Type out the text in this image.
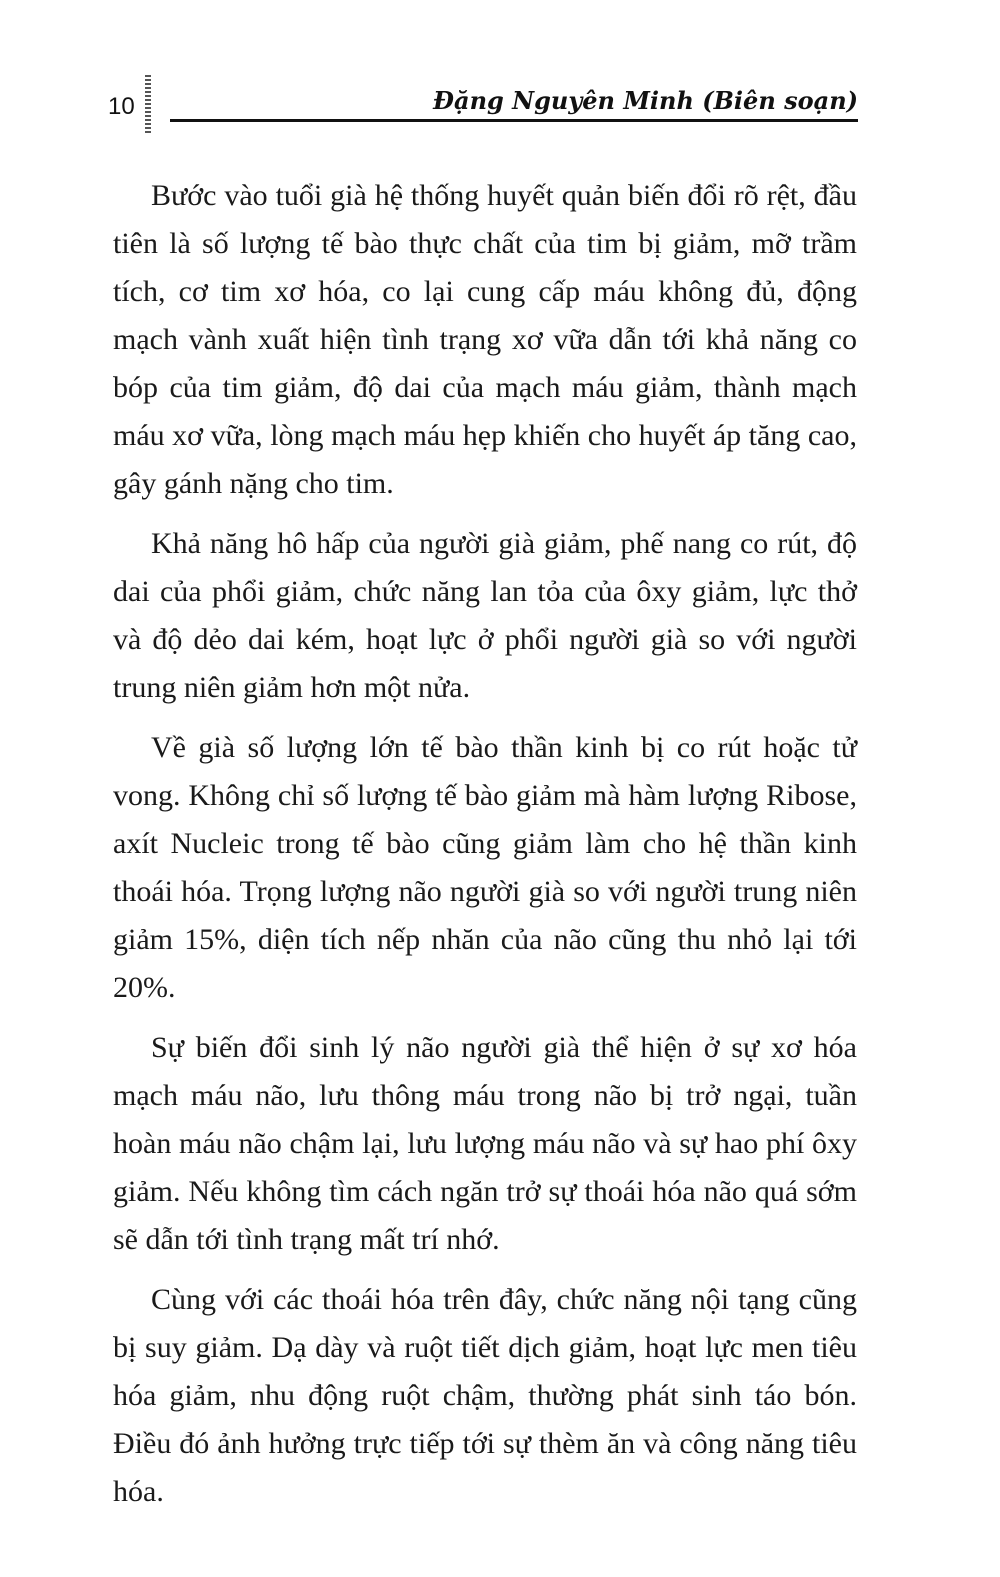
10	Đặng Nguyên Minh (Biên soạn)

Bước vào tuổi già hệ thống huyết quản biến đổi rõ rệt, đầu tiên là số lượng tế bào thực chất của tim bị giảm, mỡ trầm tích, cơ tim xơ hóa, co lại cung cấp máu không đủ, động mạch vành xuất hiện tình trạng xơ vữa dẫn tới khả năng co bóp của tim giảm, độ dai của mạch máu giảm, thành mạch máu xơ vữa, lòng mạch máu hẹp khiến cho huyết áp tăng cao, gây gánh nặng cho tim.

Khả năng hô hấp của người già giảm, phế nang co rút, độ dai của phổi giảm, chức năng lan tỏa của ôxy giảm, lực thở và độ dẻo dai kém, hoạt lực ở phổi người già so với người trung niên giảm hơn một nửa.

Về già số lượng lớn tế bào thần kinh bị co rút hoặc tử vong. Không chỉ số lượng tế bào giảm mà hàm lượng Ribose, axít Nucleic trong tế bào cũng giảm làm cho hệ thần kinh thoái hóa. Trọng lượng não người già so với người trung niên giảm 15%, diện tích nếp nhăn của não cũng thu nhỏ lại tới 20%.

Sự biến đổi sinh lý não người già thể hiện ở sự xơ hóa mạch máu não, lưu thông máu trong não bị trở ngại, tuần hoàn máu não chậm lại, lưu lượng máu não và sự hao phí ôxy giảm. Nếu không tìm cách ngăn trở sự thoái hóa não quá sớm sẽ dẫn tới tình trạng mất trí nhớ.

Cùng với các thoái hóa trên đây, chức năng nội tạng cũng bị suy giảm. Dạ dày và ruột tiết dịch giảm, hoạt lực men tiêu hóa giảm, nhu động ruột chậm, thường phát sinh táo bón. Điều đó ảnh hưởng trực tiếp tới sự thèm ăn và công năng tiêu hóa.
